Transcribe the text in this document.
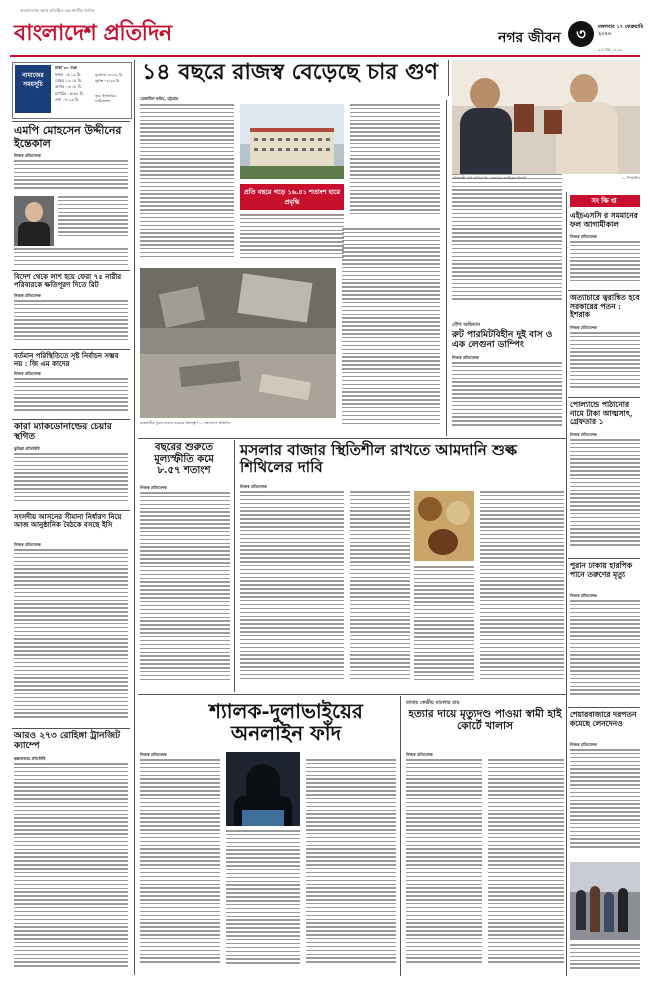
বাংলাদেশের স্বার্থে প্রতিষ্ঠিত এক জাতীয় দৈনিক
বাংলাদেশ প্রতিদিন	নগর জীবন	৩	মঙ্গলবার ১৭ ফেব্রুয়ারি ২০২৩
২৪ মাঘ ১৪২৯
নামাজের সময়সূচি
ঢাকা ৩০ শুরু
ফজর ০৫:১৯ মি.
যোহর ১২:১৫ মি.
আসর ০৪:০৮ মি.
মাগরিব ০৫:৫৮ মি.
এশা ০৭:১৩ মি.
সূর্যোদয় ০৬:৪৬ মি.
সূর্যাস্ত ০৫:৫৩ মি.
সূত্র: ইসলামিক ফাউন্ডেশন
এমপি মোহসেন উদ্দীনের ইন্তেকাল
নিজস্ব প্রতিবেদক
বিদেশ থেকে লাশ হয়ে ফেরা ৭৫ নারীর পরিবারকে ক্ষতিপূরণ দিতে রিট
নিজস্ব প্রতিবেদক
বর্তমান পরিস্থিতিতে সৃষ্ট নির্বাচন সম্ভব নয় : জি এম কাদের
নিজস্ব প্রতিবেদক
কারা ম্যাকডোনাল্ডের চেয়ার স্থগিত
কুমিল্লা প্রতিনিধি
সংসদীয় আসনের সীমানা নির্ধারণ নিয়ে আজ আনুষ্ঠানিক বৈঠকে বসছে ইসি
নিজস্ব প্রতিবেদক
আরও ২৭৩ রোহিঙ্গা ট্রানজিট ক্যাম্পে
কক্সবাজার প্রতিনিধি
১৪ বছরে রাজস্ব বেড়েছে চার গুণ
রেজাউল করিম, চট্টগ্রাম
প্রতি বছরে গড়ে ১৬.৪১ শতাংশ হারে প্রবৃদ্ধি
রাজধানীর পুরান ঢাকায় ভবনের ধ্বংসস্তূপ — বাংলাদেশ প্রতিদিন
যৌথ অভিযান
রুট পারমিটবিহীন দুই বাস ও এক লেগুনা ডাম্পিং
নিজস্ব প্রতিবেদক
বছরের শুরুতে মূল্যস্ফীতি কমে ৮.৫৭ শতাংশ
নিজস্ব প্রতিবেদক
মসলার বাজার স্থিতিশীল রাখতে আমদানি শুল্ক শিথিলের দাবি
নিজস্ব প্রতিবেদক
শ্যালক-দুলাভাইয়ের অনলাইন ফাঁদ
নিজস্ব প্রতিবেদক
তামার কেন্দ্রীয় মামলার রায়
হত্যার দায়ে মৃত্যুদণ্ড পাওয়া স্বামী হাই কোর্টে খালাস
নিজস্ব প্রতিবেদক
প্রধানমন্ত্রী শেখ হাসিনা ঈদ বাজারের জারিকৃত নিষেধ	— পিআইডি
সংক্ষিপ্ত
এইচএসসি র সমমানের ফল আগামীকাল
নিজস্ব প্রতিবেদক
অত্যাচারে ত্বরান্বিত হবে সরকারের পতন : ইশরাক
নিজস্ব প্রতিবেদক
পোল্যান্ডে পাঠানোর নামে টাকা আত্মসাৎ, গ্রেফতার ১
নিজস্ব প্রতিবেদক
পুরান ঢাকায় হারপিক পানে তরুণের মৃত্যু
নিজস্ব প্রতিবেদক
শেয়ারবাজারে দরপতন কমেছে লেনদেনও
নিজস্ব প্রতিবেদক
